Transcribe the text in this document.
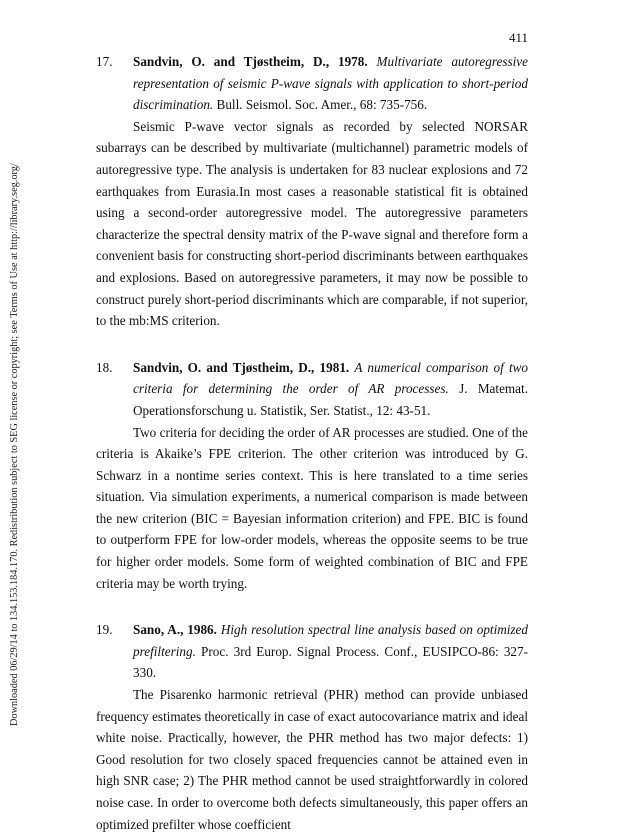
411
Downloaded 06/29/14 to 134.153.184.170. Redistribution subject to SEG license or copyright; see Terms of Use at http://library.seg.org/
17. Sandvin, O. and Tjøstheim, D., 1978. Multivariate autoregressive representation of seismic P-wave signals with application to short-period discrimination. Bull. Seismol. Soc. Amer., 68: 735-756.

Seismic P-wave vector signals as recorded by selected NORSAR subarrays can be described by multivariate (multichannel) parametric models of autoregressive type. The analysis is undertaken for 83 nuclear explosions and 72 earthquakes from Eurasia.In most cases a reasonable statistical fit is obtained using a second-order autoregressive model. The autoregressive parameters characterize the spectral density matrix of the P-wave signal and therefore form a convenient basis for constructing short-period discriminants between earthquakes and explosions. Based on autoregressive parameters, it may now be possible to construct purely short-period discriminants which are comparable, if not superior, to the mb:MS criterion.

18. Sandvin, O. and Tjøstheim, D., 1981. A numerical comparison of two criteria for determining the order of AR processes. J. Matemat. Operationsforschung u. Statistik, Ser. Statist., 12: 43-51.

Two criteria for deciding the order of AR processes are studied. One of the criteria is Akaike’s FPE criterion. The other criterion was introduced by G. Schwarz in a nontime series context. This is here translated to a time series situation. Via simulation experiments, a numerical comparison is made between the new criterion (BIC = Bayesian information criterion) and FPE. BIC is found to outperform FPE for low-order models, whereas the opposite seems to be true for higher order models. Some form of weighted combination of BIC and FPE criteria may be worth trying.

19. Sano, A., 1986. High resolution spectral line analysis based on optimized prefiltering. Proc. 3rd Europ. Signal Process. Conf., EUSIPCO-86: 327-330.

The Pisarenko harmonic retrieval (PHR) method can provide unbiased frequency estimates theoretically in case of exact autocovariance matrix and ideal white noise. Practically, however, the PHR method has two major defects: 1) Good resolution for two closely spaced frequencies cannot be attained even in high SNR case; 2) The PHR method cannot be used straightforwardly in colored noise case. In order to overcome both defects simultaneously, this paper offers an optimized prefilter whose coefficient
